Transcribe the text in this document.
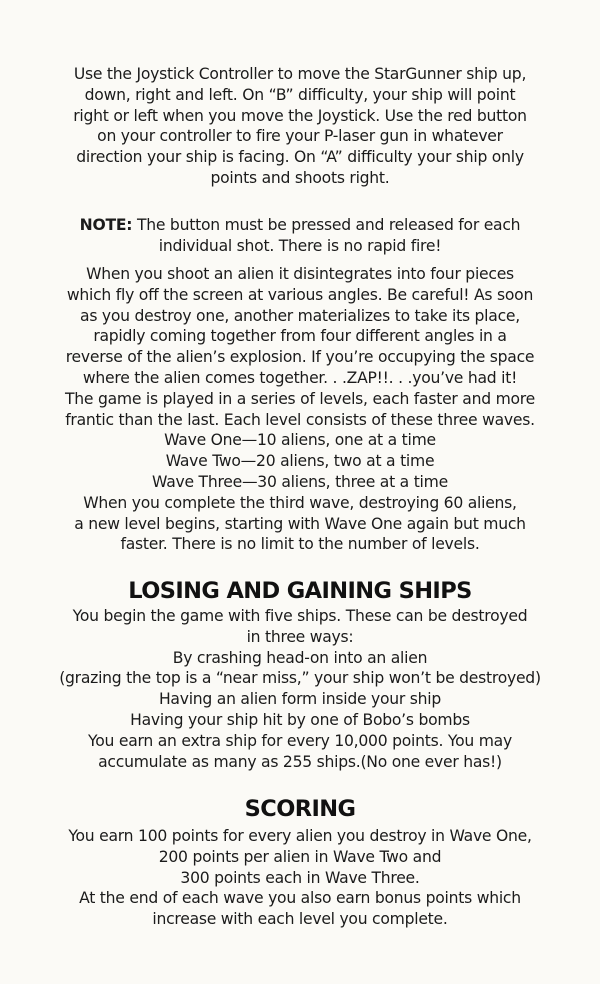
Use the Joystick Controller to move the StarGunner ship up,
down, right and left. On “B” difficulty, your ship will point
right or left when you move the Joystick. Use the red button
on your controller to fire your P-laser gun in whatever
direction your ship is facing. On “A” difficulty your ship only
points and shoots right.
NOTE: The button must be pressed and released for each
individual shot. There is no rapid fire!
When you shoot an alien it disintegrates into four pieces
which fly off the screen at various angles. Be careful! As soon
as you destroy one, another materializes to take its place,
rapidly coming together from four different angles in a
reverse of the alien’s explosion. If you’re occupying the space
where the alien comes together. . .ZAP!!. . .you’ve had it!
The game is played in a series of levels, each faster and more
frantic than the last. Each level consists of these three waves.
Wave One—10 aliens, one at a time
Wave Two—20 aliens, two at a time
Wave Three—30 aliens, three at a time
When you complete the third wave, destroying 60 aliens,
a new level begins, starting with Wave One again but much
faster. There is no limit to the number of levels.
LOSING AND GAINING SHIPS
You begin the game with five ships. These can be destroyed
in three ways:
By crashing head-on into an alien
(grazing the top is a “near miss,” your ship won’t be destroyed)
Having an alien form inside your ship
Having your ship hit by one of Bobo’s bombs
You earn an extra ship for every 10,000 points. You may
accumulate as many as 255 ships.(No one ever has!)
SCORING
You earn 100 points for every alien you destroy in Wave One,
200 points per alien in Wave Two and
300 points each in Wave Three.
At the end of each wave you also earn bonus points which
increase with each level you complete.
